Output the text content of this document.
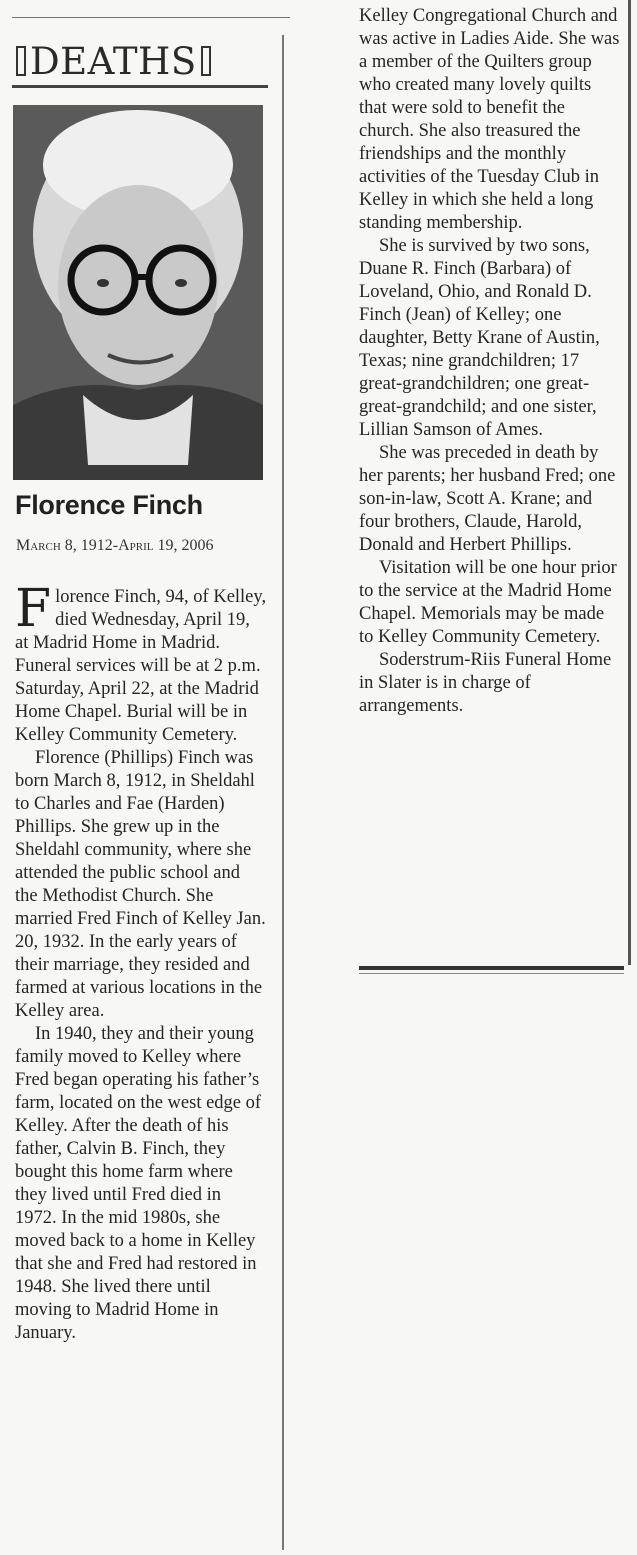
DEATHS
Florence Finch
March 8, 1912-April 19, 2006

Florence Finch, 94, of Kelley, died Wednesday, April 19, at Madrid Home in Madrid. Funeral services will be at 2 p.m. Saturday, April 22, at the Madrid Home Chapel. Burial will be in Kelley Community Cemetery.

Florence (Phillips) Finch was born March 8, 1912, in Sheldahl to Charles and Fae (Harden) Phillips. She grew up in the Sheldahl community, where she attended the public school and the Methodist Church. She married Fred Finch of Kelley Jan. 20, 1932. In the early years of their marriage, they resided and farmed at various locations in the Kelley area.

In 1940, they and their young family moved to Kelley where Fred began operating his father’s farm, located on the west edge of Kelley. After the death of his father, Calvin B. Finch, they bought this home farm where they lived until Fred died in 1972. In the mid 1980s, she moved back to a home in Kelley that she and Fred had restored in 1948. She lived there until moving to Madrid Home in January.

Kelley Congregational Church and was active in Ladies Aide. She was a member of the Quilters group who created many lovely quilts that were sold to benefit the church. She also treasured the friendships and the monthly activities of the Tuesday Club in Kelley in which she held a long standing membership.

She is survived by two sons, Duane R. Finch (Barbara) of Loveland, Ohio, and Ronald D. Finch (Jean) of Kelley; one daughter, Betty Krane of Austin, Texas; nine grandchildren; 17 great-grandchildren; one great-great-grandchild; and one sister, Lillian Samson of Ames.

She was preceded in death by her parents; her husband Fred; one son-in-law, Scott A. Krane; and four brothers, Claude, Harold, Donald and Herbert Phillips.

Visitation will be one hour prior to the service at the Madrid Home Chapel. Memorials may be made to Kelley Community Cemetery.

Soderstrum-Riis Funeral Home in Slater is in charge of arrangements.
